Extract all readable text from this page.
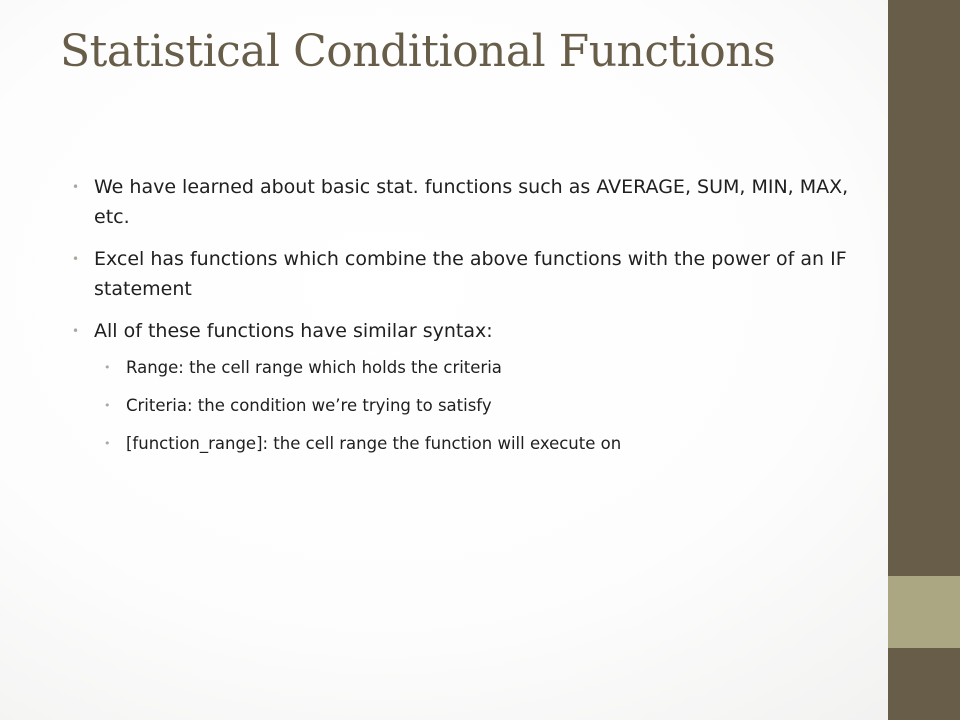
Statistical Conditional Functions
• We have learned about basic stat. functions such as AVERAGE, SUM, MIN, MAX, etc.
• Excel has functions which combine the above functions with the power of an IF statement
• All of these functions have similar syntax:
• Range: the cell range which holds the criteria
• Criteria: the condition we’re trying to satisfy
• [function_range]: the cell range the function will execute on
